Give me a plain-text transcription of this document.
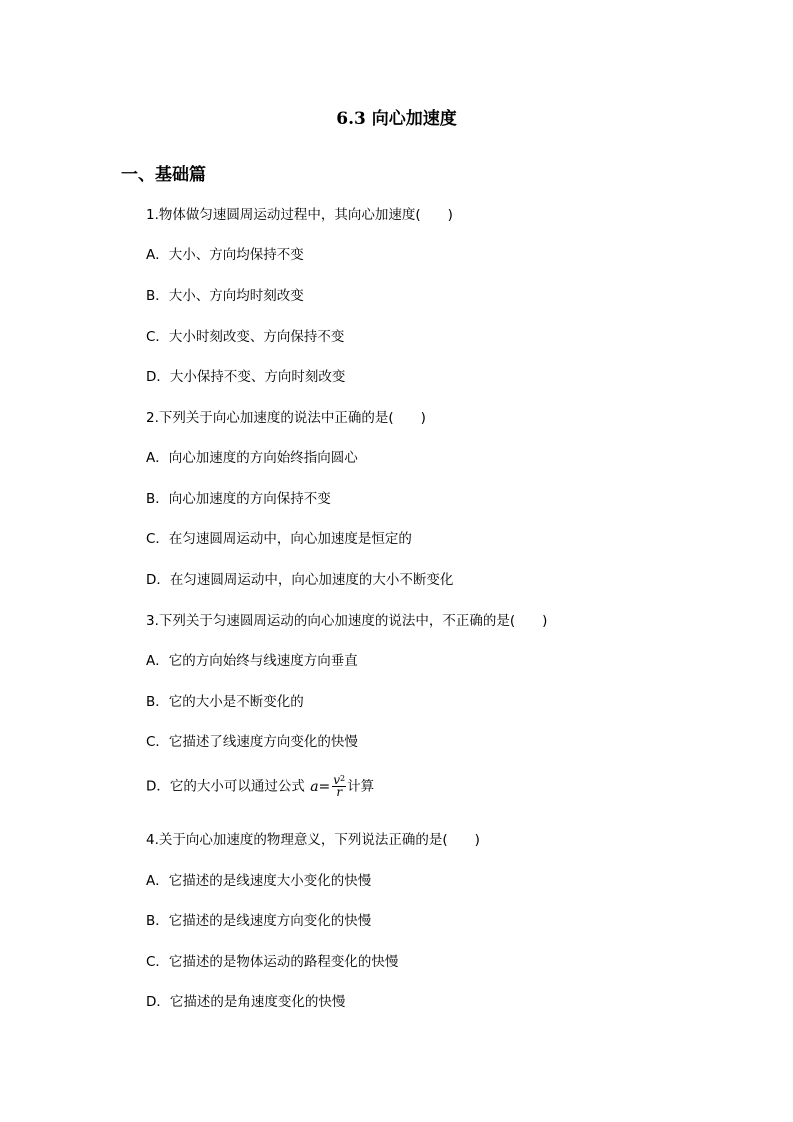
6.3 向心加速度
一、基础篇
1.物体做匀速圆周运动过程中，其向心加速度(　　)
A．大小、方向均保持不变
B．大小、方向均时刻改变
C．大小时刻改变、方向保持不变
D．大小保持不变、方向时刻改变
2.下列关于向心加速度的说法中正确的是(　　)
A．向心加速度的方向始终指向圆心
B．向心加速度的方向保持不变
C．在匀速圆周运动中，向心加速度是恒定的
D．在匀速圆周运动中，向心加速度的大小不断变化
3.下列关于匀速圆周运动的向心加速度的说法中，不正确的是(　　)
A．它的方向始终与线速度方向垂直
B．它的大小是不断变化的
C．它描述了线速度方向变化的快慢
D．它的大小可以通过公式 $a= \frac{v^2}{r}$ 计算
4.关于向心加速度的物理意义，下列说法正确的是(　　)
A．它描述的是线速度大小变化的快慢
B．它描述的是线速度方向变化的快慢
C．它描述的是物体运动的路程变化的快慢
D．它描述的是角速度变化的快慢
